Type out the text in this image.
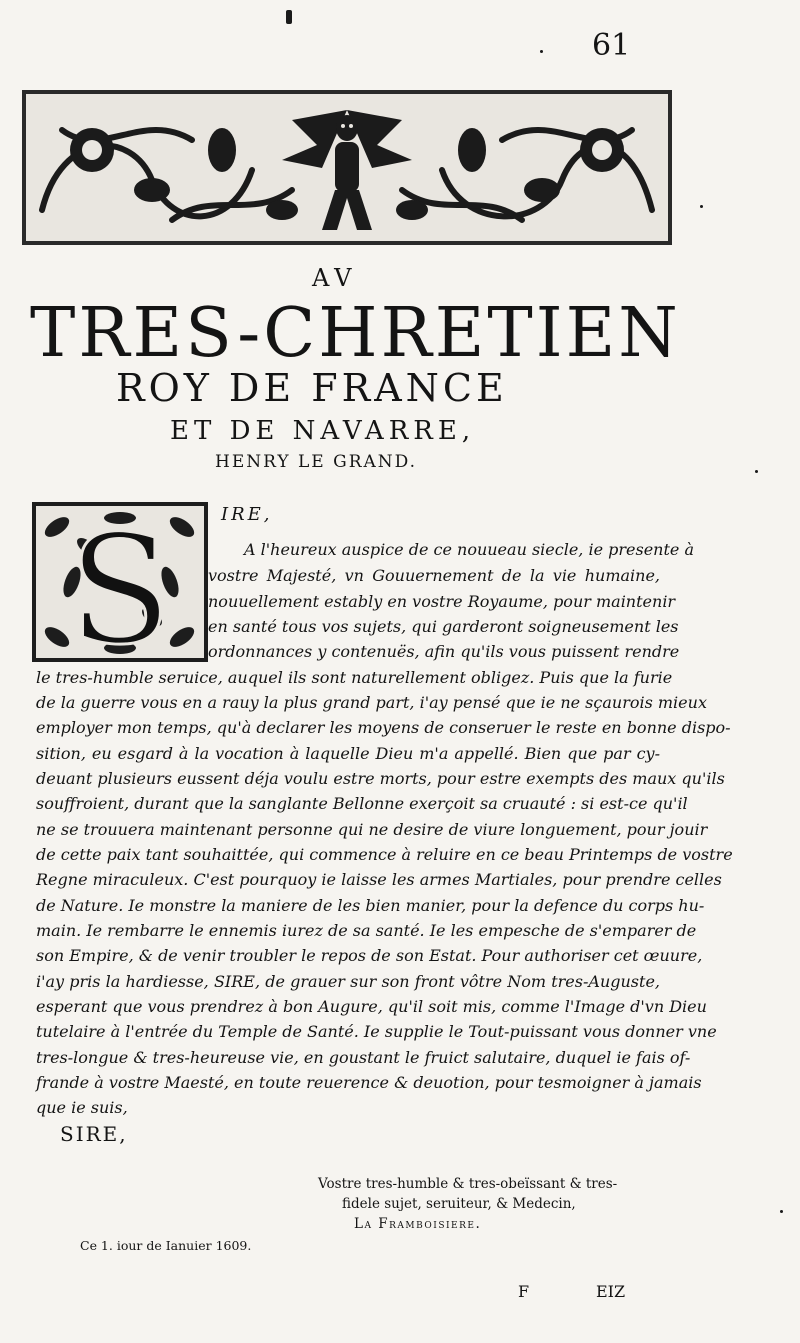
61
AV
TRES-CHRETIEN
ROY DE FRANCE
ET DE NAVARRE,
HENRY LE GRAND.
S	IRE,
A l'heureux auspice de ce nouueau siecle, ie presente à
vostre Majesté, vn Gouuernement de la vie humaine,
nouuellement estably en vostre Royaume, pour maintenir
en santé tous vos sujets, qui garderont soigneusement les
ordonnances y contenuës, afin qu'ils vous puissent rendre
le tres-humble seruice, auquel ils sont naturellement obligez. Puis que la furie
de la guerre vous en a rauy la plus grand part, i'ay pensé que ie ne sçaurois mieux
employer mon temps, qu'à declarer les moyens de conseruer le reste en bonne dispo-
sition, eu esgard à la vocation à laquelle Dieu m'a appellé. Bien que par cy-
deuant plusieurs eussent déja voulu estre morts, pour estre exempts des maux qu'ils
souffroient, durant que la sanglante Bellonne exerçoit sa cruauté : si est-ce qu'il
ne se trouuera maintenant personne qui ne desire de viure longuement, pour jouir
de cette paix tant souhaittée, qui commence à reluire en ce beau Printemps de vostre
Regne miraculeux. C'est pourquoy ie laisse les armes Martiales, pour prendre celles
de Nature. Ie monstre la maniere de les bien manier, pour la defence du corps hu-
main. Ie rembarre le ennemis iurez de sa santé. Ie les empesche de s'emparer de
son Empire, & de venir troubler le repos de son Estat. Pour authoriser cet œuure,
i'ay pris la hardiesse, SIRE, de grauer sur son front vôtre Nom tres-Auguste,
esperant que vous prendrez à bon Augure, qu'il soit mis, comme l'Image d'vn Dieu
tutelaire à l'entrée du Temple de Santé. Ie supplie le Tout-puissant vous donner vne
tres-longue & tres-heureuse vie, en goustant le fruict salutaire, duquel ie fais of-
frande à vostre Maesté, en toute reuerence & deuotion, pour tesmoigner à jamais
que ie suis,
SIRE,
Vostre tres-humble & tres-obeïssant & tres-
fidele sujet, seruiteur, & Medecin,
La Framboisiere.
Ce 1. iour de Ianuier 1609.
F	EIZ
